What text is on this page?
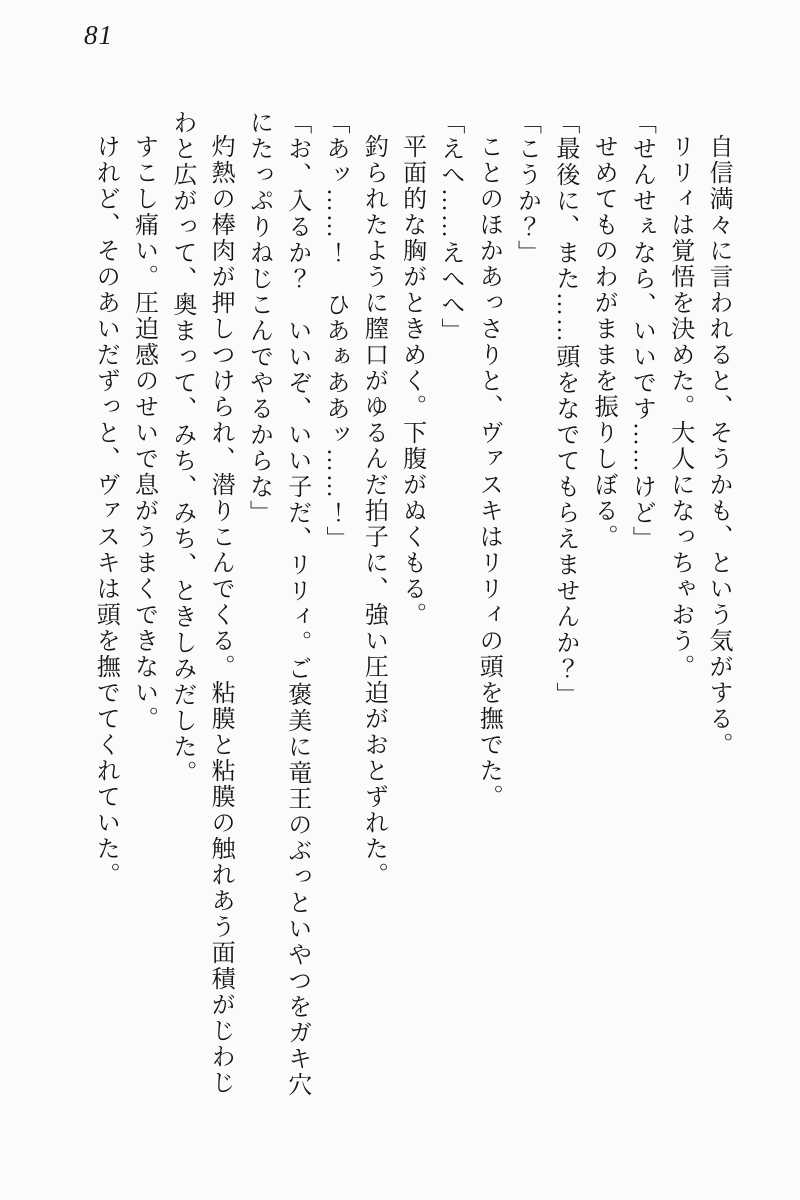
81
自信満々に言われると、そうかも、という気がする。
リリィは覚悟を決めた。大人になっちゃおう。
「せんせぇなら、いいです……けど」
せめてものわがままを振りしぼる。
「最後に、また……頭をなでてもらえませんか？」
「こうか？」
ことのほかあっさりと、ヴァスキはリリィの頭を撫でた。
「えへ……えへへ」
平面的な胸がときめく。下腹がぬくもる。
釣られたように膣口がゆるんだ拍子に、強い圧迫がおとずれた。
「あッ……！　ひあぁああッ……！」
「お、入るか？　いいぞ、いい子だ、リリィ。ご褒美に竜王のぶっといやつをガキ穴
にたっぷりねじこんでやるからな」
灼熱の棒肉が押しつけられ、潜りこんでくる。粘膜と粘膜の触れあう面積がじわじ
わと広がって、奥まって、みち、みち、ときしみだした。
すこし痛い。圧迫感のせいで息がうまくできない。
けれど、そのあいだずっと、ヴァスキは頭を撫でてくれていた。
